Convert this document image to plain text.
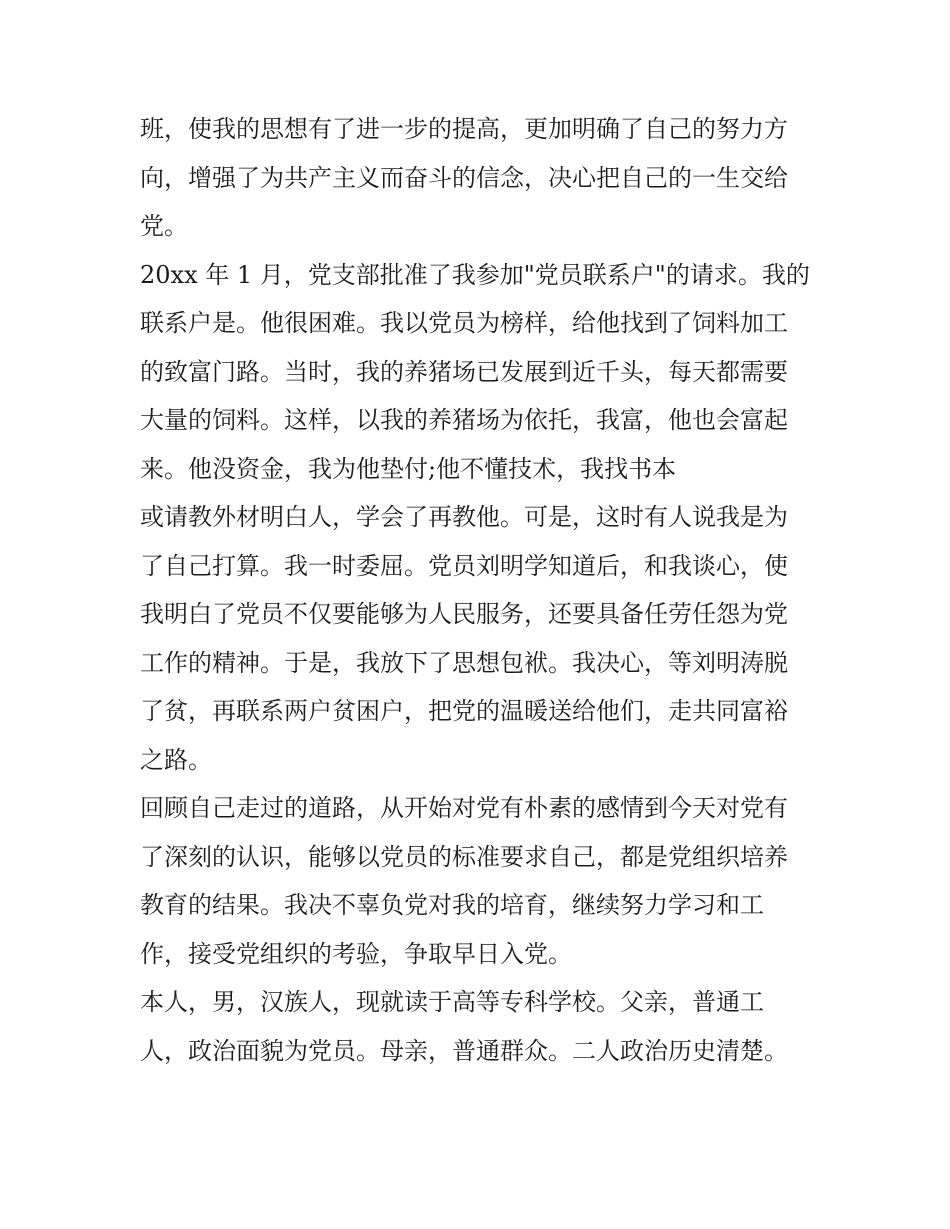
班，使我的思想有了进一步的提高，更加明确了自己的努力方
向，增强了为共产主义而奋斗的信念，决心把自己的一生交给
党。
20xx 年 1 月，党支部批准了我参加"党员联系户"的请求。我的
联系户是。他很困难。我以党员为榜样，给他找到了饲料加工
的致富门路。当时，我的养猪场已发展到近千头，每天都需要
大量的饲料。这样，以我的养猪场为依托，我富，他也会富起
来。他没资金，我为他垫付;他不懂技术，我找书本
或请教外材明白人，学会了再教他。可是，这时有人说我是为
了自己打算。我一时委屈。党员刘明学知道后，和我谈心，使
我明白了党员不仅要能够为人民服务，还要具备任劳任怨为党
工作的精神。于是，我放下了思想包袱。我决心，等刘明涛脱
了贫，再联系两户贫困户，把党的温暖送给他们，走共同富裕
之路。
回顾自己走过的道路，从开始对党有朴素的感情到今天对党有
了深刻的认识，能够以党员的标准要求自己，都是党组织培养
教育的结果。我决不辜负党对我的培育，继续努力学习和工
作，接受党组织的考验，争取早日入党。
本人，男，汉族人，现就读于高等专科学校。父亲，普通工
人，政治面貌为党员。母亲，普通群众。二人政治历史清楚。
